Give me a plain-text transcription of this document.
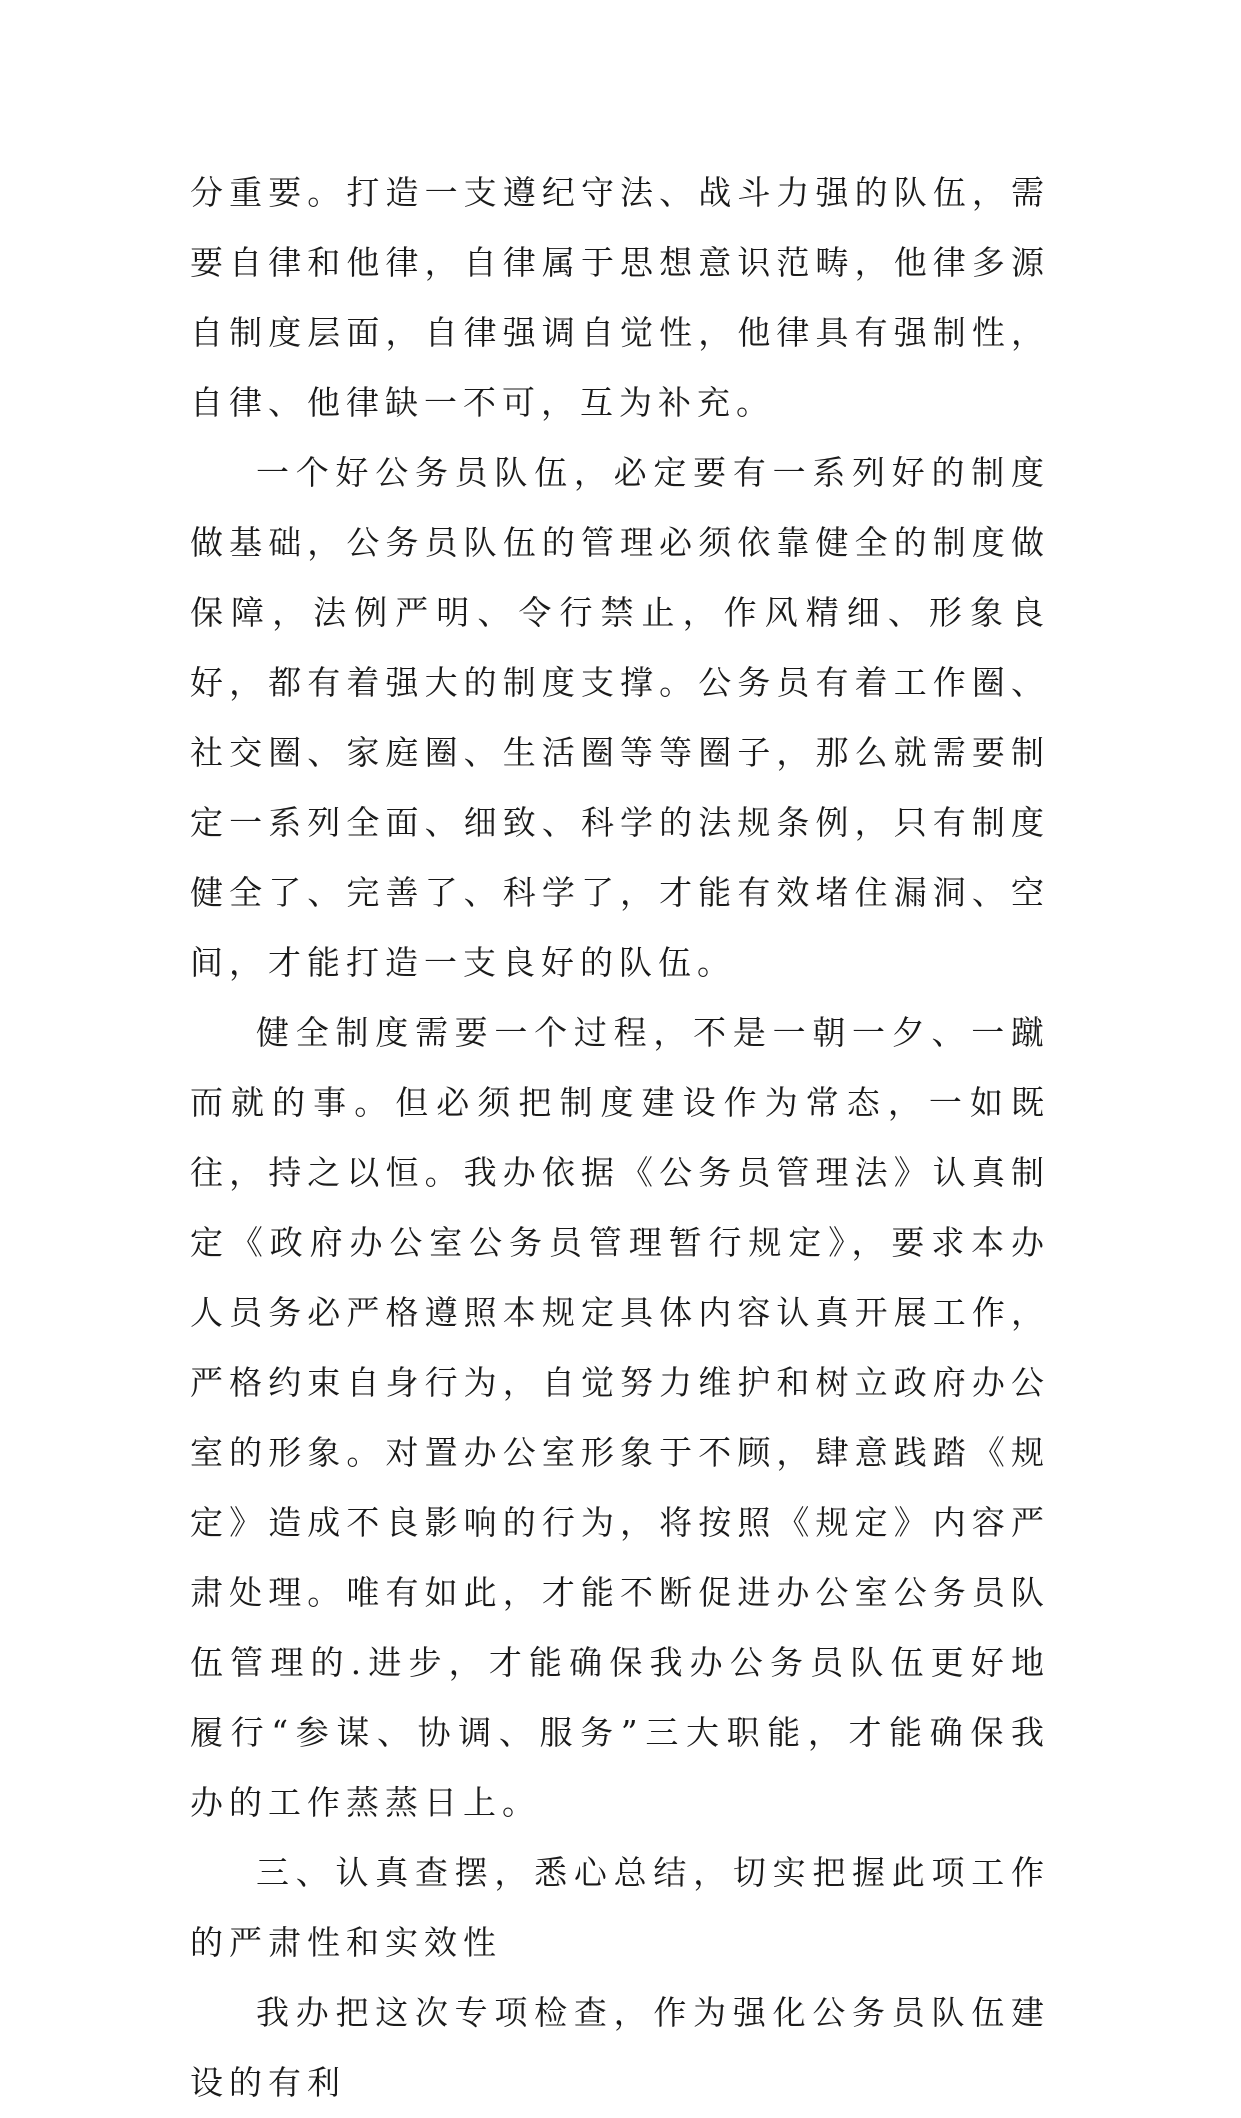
分重要。打造一支遵纪守法、战斗力强的队伍，需要自律和他律，自律属于思想意识范畴，他律多源自制度层面，自律强调自觉性，他律具有强制性，自律、他律缺一不可，互为补充。

一个好公务员队伍，必定要有一系列好的制度做基础，公务员队伍的管理必须依靠健全的制度做保障，法例严明、令行禁止，作风精细、形象良好，都有着强大的制度支撑。公务员有着工作圈、社交圈、家庭圈、生活圈等等圈子，那么就需要制定一系列全面、细致、科学的法规条例，只有制度健全了、完善了、科学了，才能有效堵住漏洞、空间，才能打造一支良好的队伍。

健全制度需要一个过程，不是一朝一夕、一蹴而就的事。但必须把制度建设作为常态，一如既往，持之以恒。我办依据《公务员管理法》认真制定《政府办公室公务员管理暂行规定》，要求本办人员务必严格遵照本规定具体内容认真开展工作，严格约束自身行为，自觉努力维护和树立政府办公室的形象。对置办公室形象于不顾，肆意践踏《规定》造成不良影响的行为，将按照《规定》内容严肃处理。唯有如此，才能不断促进办公室公务员队伍管理的.进步，才能确保我办公务员队伍更好地履行“参谋、协调、服务”三大职能，才能确保我办的工作蒸蒸日上。

三、认真查摆，悉心总结，切实把握此项工作的严肃性和实效性

我办把这次专项检查，作为强化公务员队伍建设的有利
